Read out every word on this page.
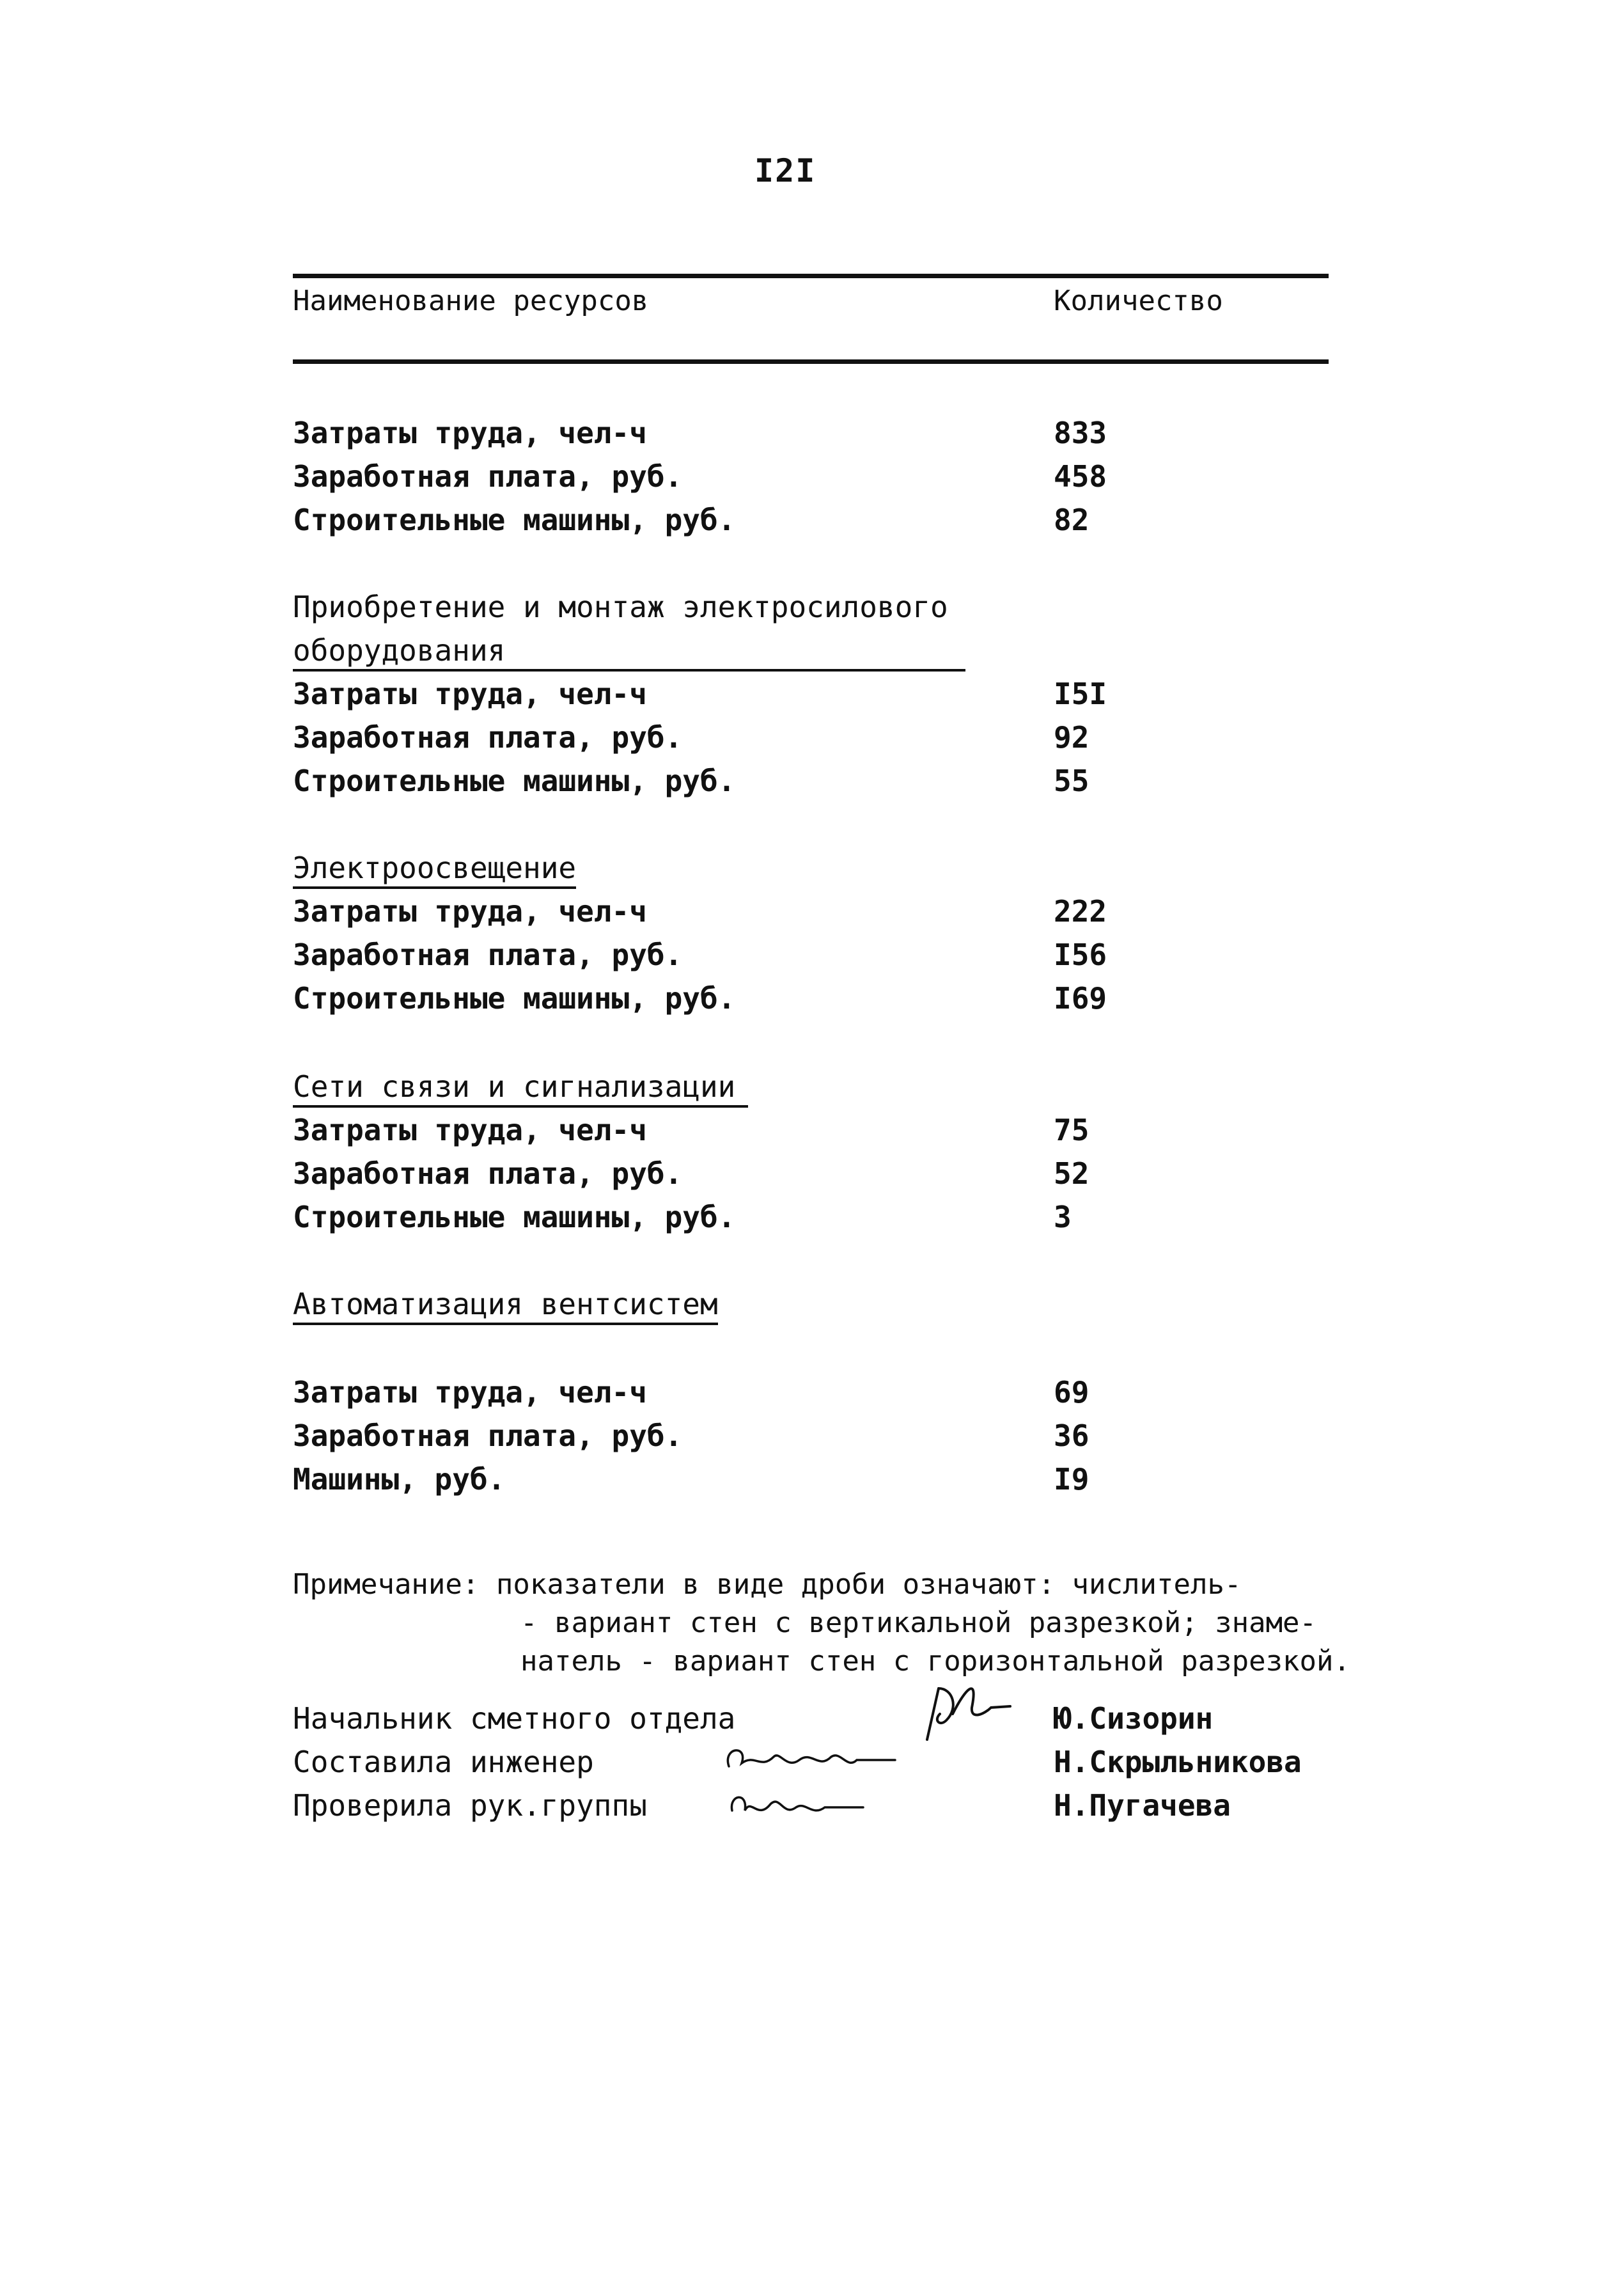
I2I
Наименование ресурсов	Количество
Затраты труда, чел-ч	833
Заработная плата, руб.	458
Строительные машины, руб.	82
Приобретение и монтаж электросилового
оборудования
Затраты труда, чел-ч	I5I
Заработная плата, руб.	92
Строительные машины, руб.	55
Электроосвещение
Затраты труда, чел-ч	222
Заработная плата, руб.	I56
Строительные машины, руб.	I69
Сети связи и сигнализации
Затраты труда, чел-ч	75
Заработная плата, руб.	52
Строительные машины, руб.	3
Автоматизация вентсистем
Затраты труда, чел-ч	69
Заработная плата, руб.	36
Машины, руб.	I9
Примечание: показатели в виде дроби означают: числитель-
- вариант стен с вертикальной разрезкой; знаме-
натель - вариант стен с горизонтальной разрезкой.
Начальник сметного отдела	Ю.Сизорин
Составила инженер	Н.Скрыльникова
Проверила рук.группы	Н.Пугачева
